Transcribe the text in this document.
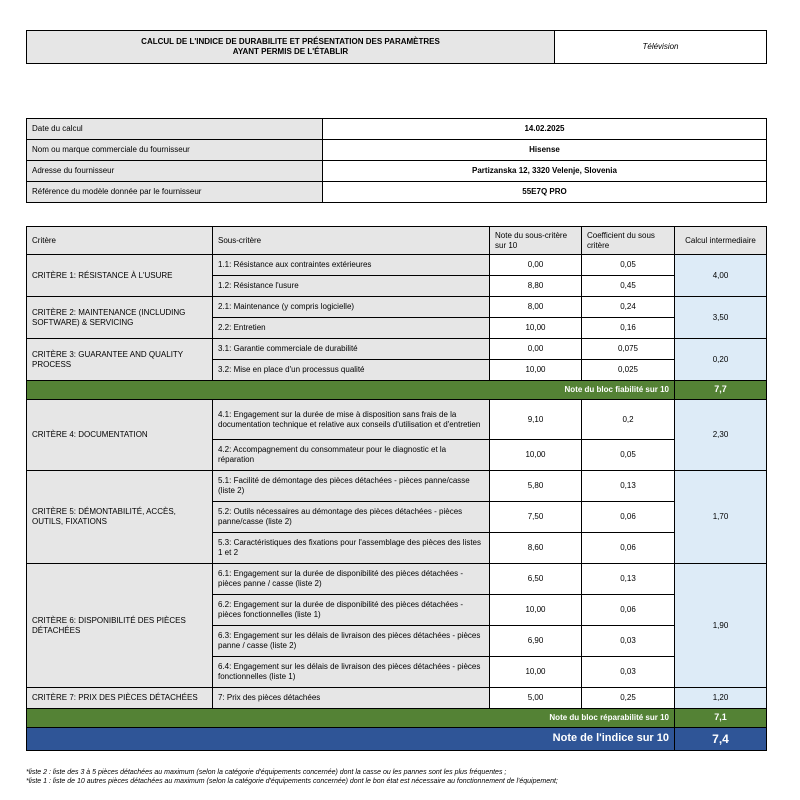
CALCUL DE L'INDICE DE DURABILITE ET PRÉSENTATION DES PARAMÈTRES
AYANT PERMIS DE L'ÉTABLIR
	Télévision
Date du calcul	14.02.2025
Nom ou marque commerciale du fournisseur	Hisense
Adresse du fournisseur	Partizanska 12, 3320 Velenje, Slovenia
Référence du modèle donnée par le fournisseur	55E7Q PRO
Critère	Sous-critère	Note du sous-critère sur 10	Coefficient du sous critère	Calcul intermediaire
CRITÈRE 1: RÉSISTANCE À L'USURE	1.1: Résistance aux contraintes extérieures	0,00	0,05	4,00
	1.2: Résistance l'usure	8,80	0,45	
CRITÈRE 2: MAINTENANCE (INCLUDING SOFTWARE) & SERVICING	2.1: Maintenance (y compris logicielle)	8,00	0,24	3,50
	2.2: Entretien	10,00	0,16	
CRITÈRE 3: GUARANTEE AND QUALITY PROCESS	3.1: Garantie commerciale de durabilité	0,00	0,075	0,20
	3.2: Mise en place d'un processus qualité	10,00	0,025	
Note du bloc fiabilité sur 10				7,7
CRITÈRE 4: DOCUMENTATION	4.1: Engagement sur la durée de mise à disposition sans frais de la documentation technique et relative aux conseils d'utilisation et d'entretien	9,10	0,2	2,30
	4.2: Accompagnement du consommateur pour le diagnostic et la réparation	10,00	0,05	
CRITÈRE 5: DÉMONTABILITÉ, ACCÈS, OUTILS, FIXATIONS	5.1: Facilité de démontage des pièces détachées - pièces panne/casse (liste 2)	5,80	0,13	1,70
	5.2: Outils nécessaires au démontage des pièces détachées - pièces panne/casse (liste 2)	7,50	0,06	
	5.3: Caractéristiques des fixations pour l'assemblage des pièces des listes 1 et 2	8,60	0,06	
CRITÈRE 6: DISPONIBILITÉ DES PIÈCES DÉTACHÉES	6.1: Engagement sur la durée de disponibilité des pièces détachées - pièces panne / casse (liste 2)	6,50	0,13	1,90
	6.2: Engagement sur la durée de disponibilité des pièces détachées - pièces fonctionnelles (liste 1)	10,00	0,06	
	6.3: Engagement sur les délais de livraison des pièces détachées - pièces panne / casse (liste 2)	6,90	0,03	
	6.4: Engagement sur les délais de livraison des pièces détachées - pièces fonctionnelles (liste 1)	10,00	0,03	
CRITÈRE 7: PRIX DES PIÈCES DÉTACHÉES	7: Prix des pièces détachées	5,00	0,25	1,20
Note du bloc réparabilité sur 10				7,1
Note de l'indice sur 10				7,4
*liste 2 : liste des 3 à 5 pièces détachées au maximum (selon la catégorie d'équipements concernée) dont la casse ou les pannes sont les plus fréquentes ;
*liste 1 : liste de 10 autres pièces détachées au maximum (selon la catégorie d'équipements concernée) dont le bon état est nécessaire au fonctionnement de l'équipement;
